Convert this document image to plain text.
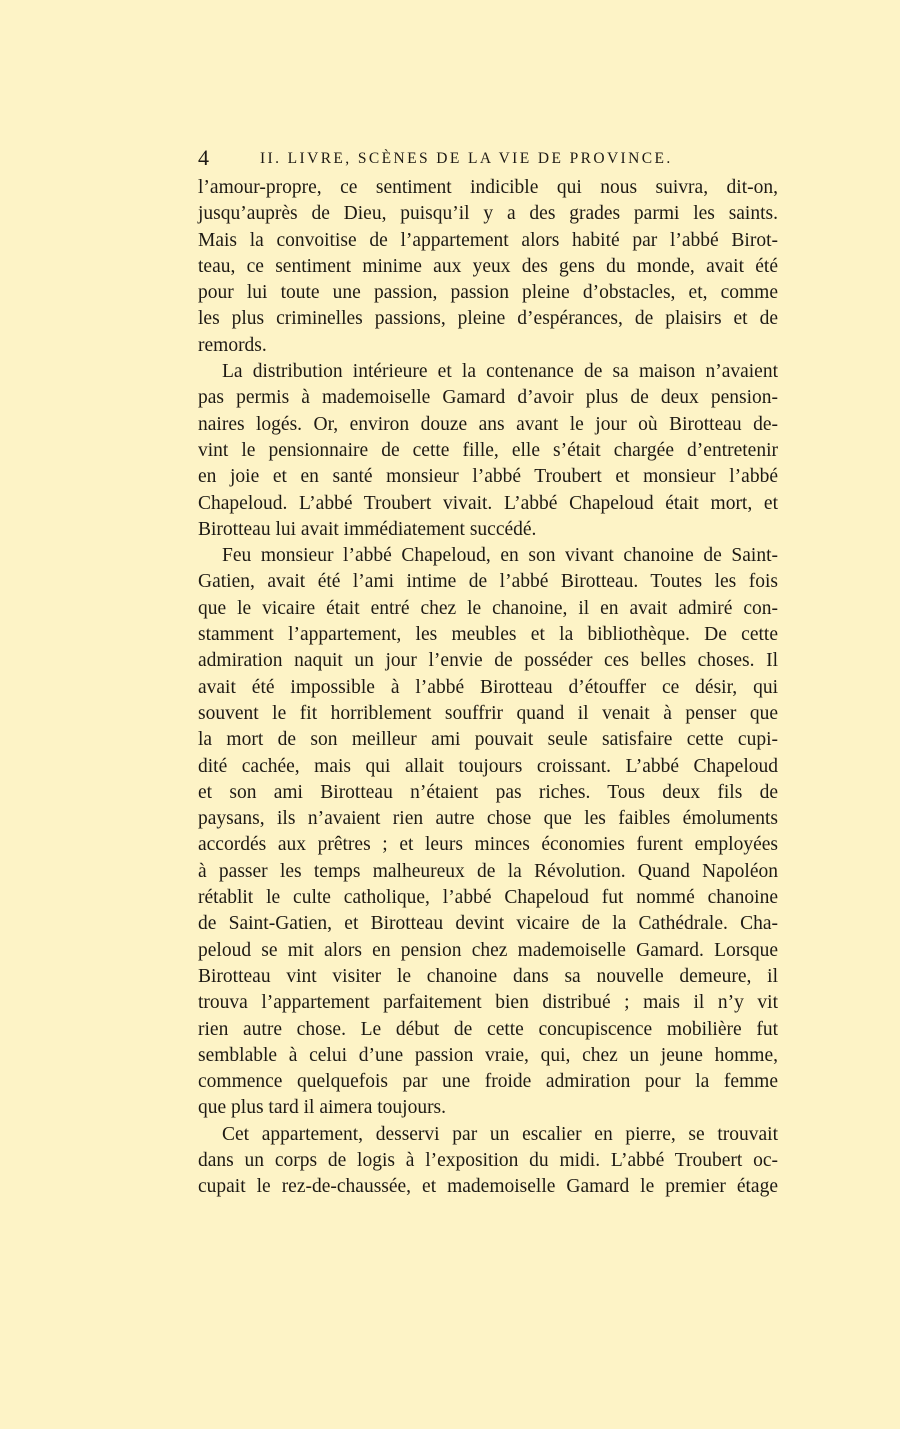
4	II. LIVRE, SCÈNES DE LA VIE DE PROVINCE.
l’amour-propre, ce sentiment indicible qui nous suivra, dit-on,
jusqu’auprès de Dieu, puisqu’il y a des grades parmi les saints.
Mais la convoitise de l’appartement alors habité par l’abbé Birot-
teau, ce sentiment minime aux yeux des gens du monde, avait été
pour lui toute une passion, passion pleine d’obstacles, et, comme
les plus criminelles passions, pleine d’espérances, de plaisirs et de
remords.
La distribution intérieure et la contenance de sa maison n’avaient
pas permis à mademoiselle Gamard d’avoir plus de deux pension-
naires logés. Or, environ douze ans avant le jour où Birotteau de-
vint le pensionnaire de cette fille, elle s’était chargée d’entretenir
en joie et en santé monsieur l’abbé Troubert et monsieur l’abbé
Chapeloud. L’abbé Troubert vivait. L’abbé Chapeloud était mort, et
Birotteau lui avait immédiatement succédé.
Feu monsieur l’abbé Chapeloud, en son vivant chanoine de Saint-
Gatien, avait été l’ami intime de l’abbé Birotteau. Toutes les fois
que le vicaire était entré chez le chanoine, il en avait admiré con-
stamment l’appartement, les meubles et la bibliothèque. De cette
admiration naquit un jour l’envie de posséder ces belles choses. Il
avait été impossible à l’abbé Birotteau d’étouffer ce désir, qui
souvent le fit horriblement souffrir quand il venait à penser que
la mort de son meilleur ami pouvait seule satisfaire cette cupi-
dité cachée, mais qui allait toujours croissant. L’abbé Chapeloud
et son ami Birotteau n’étaient pas riches. Tous deux fils de
paysans, ils n’avaient rien autre chose que les faibles émoluments
accordés aux prêtres ; et leurs minces économies furent employées
à passer les temps malheureux de la Révolution. Quand Napoléon
rétablit le culte catholique, l’abbé Chapeloud fut nommé chanoine
de Saint-Gatien, et Birotteau devint vicaire de la Cathédrale. Cha-
peloud se mit alors en pension chez mademoiselle Gamard. Lorsque
Birotteau vint visiter le chanoine dans sa nouvelle demeure, il
trouva l’appartement parfaitement bien distribué ; mais il n’y vit
rien autre chose. Le début de cette concupiscence mobilière fut
semblable à celui d’une passion vraie, qui, chez un jeune homme,
commence quelquefois par une froide admiration pour la femme
que plus tard il aimera toujours.
Cet appartement, desservi par un escalier en pierre, se trouvait
dans un corps de logis à l’exposition du midi. L’abbé Troubert oc-
cupait le rez-de-chaussée, et mademoiselle Gamard le premier étage
